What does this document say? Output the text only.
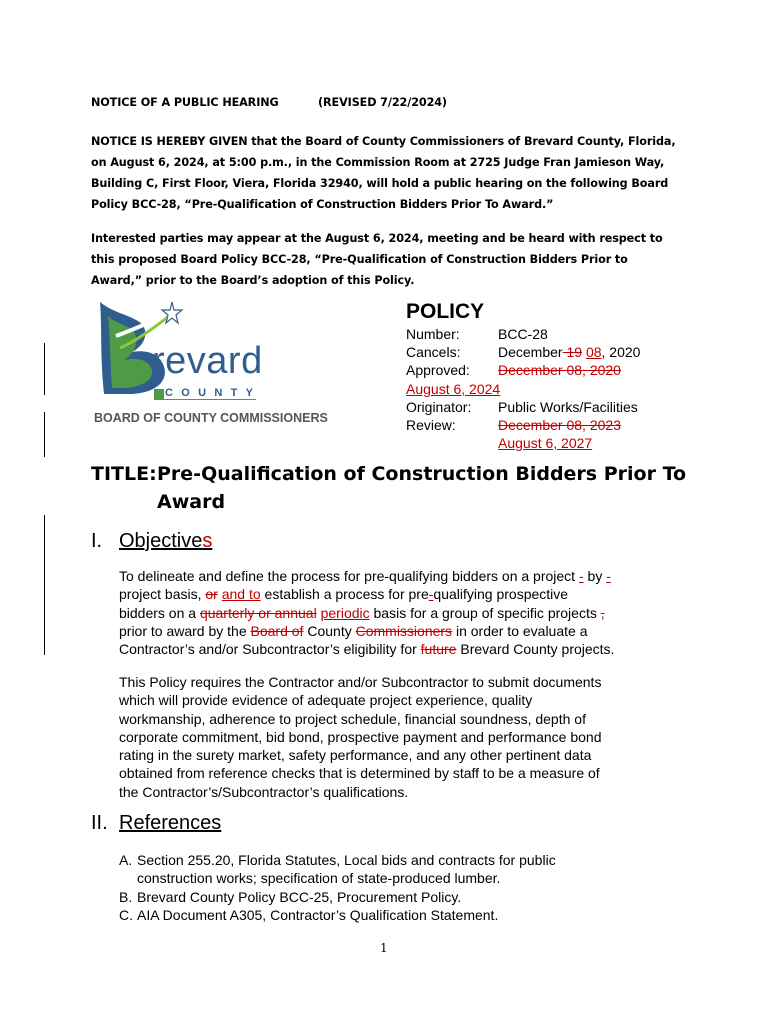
NOTICE OF A PUBLIC HEARING	(REVISED 7/22/2024)
NOTICE IS HEREBY GIVEN that the Board of County Commissioners of Brevard County, Florida,
on August 6, 2024, at 5:00 p.m., in the Commission Room at 2725 Judge Fran Jamieson Way,
Building C, First Floor, Viera, Florida 32940, will hold a public hearing on the following Board
Policy BCC-28, “Pre-Qualification of Construction Bidders Prior To Award.”
Interested parties may appear at the August 6, 2024, meeting and be heard with respect to
this proposed Board Policy BCC-28, “Pre-Qualification of Construction Bidders Prior to
Award,” prior to the Board’s adoption of this Policy.
revard
COUNTY
BOARD OF COUNTY COMMISSIONERS
POLICY
Number:	BCC-28
Cancels:	December 19 08, 2020
Approved: December 08, 2020
August 6, 2024
Originator: Public Works/Facilities
Review:	December 08, 2023
August 6, 2027
TITLE: Pre-Qualification of Construction Bidders Prior To
Award
I. Objectives
To delineate and define the process for pre-qualifying bidders on a project - by -
project basis, or and to establish a process for pre-qualifying prospective
bidders on a quarterly or annual periodic basis for a group of specific projects ,
prior to award by the Board of County Commissioners in order to evaluate a
Contractor’s and/or Subcontractor’s eligibility for future Brevard County projects.
This Policy requires the Contractor and/or Subcontractor to submit documents
which will provide evidence of adequate project experience, quality
workmanship, adherence to project schedule, financial soundness, depth of
corporate commitment, bid bond, prospective payment and performance bond
rating in the surety market, safety performance, and any other pertinent data
obtained from reference checks that is determined by staff to be a measure of
the Contractor’s/Subcontractor’s qualifications.
II. References
A. Section 255.20, Florida Statutes, Local bids and contracts for public
construction works; specification of state-produced lumber.
B. Brevard County Policy BCC-25, Procurement Policy.
C. AIA Document A305, Contractor’s Qualification Statement.
1
